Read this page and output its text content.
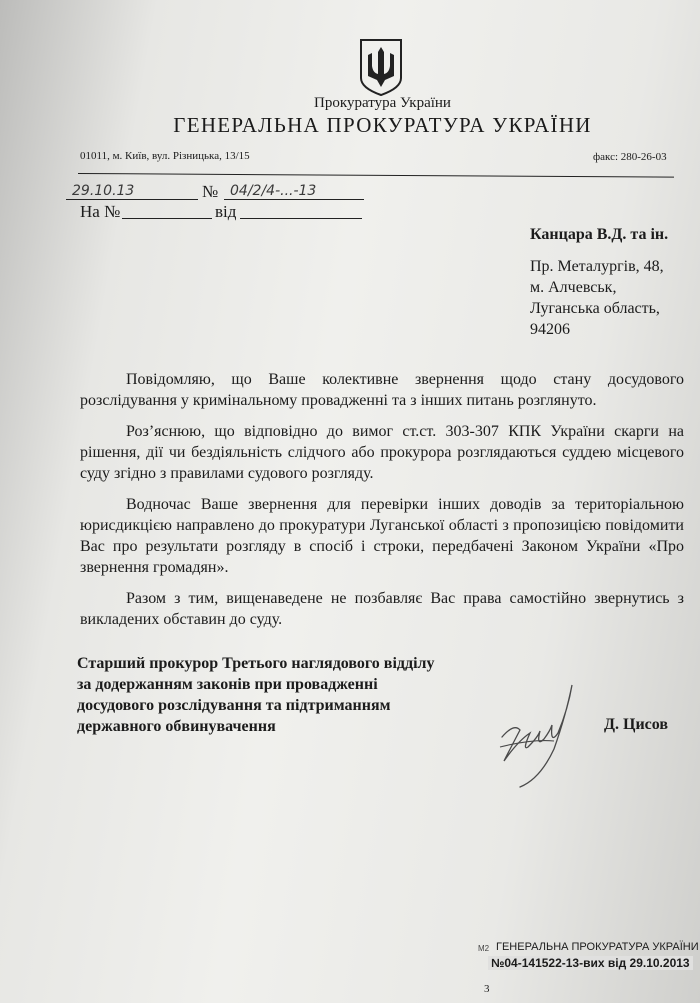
Прокуратура України
ГЕНЕРАЛЬНА ПРОКУРАТУРА УКРАЇНИ
01011, м. Київ, вул. Різницька, 13/15	факс: 280-26-03
29.10.13	№ 04/2/4-...-13
На №	від
Канцара В.Д. та ін.
Пр. Металургів, 48,
м. Алчевськ,
Луганська область,
94206

Повідомляю, що Ваше колективне звернення щодо стану досудового розслідування у кримінальному провадженні та з інших питань розглянуто.

Роз’яснюю, що відповідно до вимог ст.ст. 303-307 КПК України скарги на рішення, дії чи бездіяльність слідчого або прокурора розглядаються суддею місцевого суду згідно з правилами судового розгляду.

Водночас Ваше звернення для перевірки інших доводів за територіальною юрисдикцією направлено до прокуратури Луганської області з пропозицією повідомити Вас про результати розгляду в спосіб і строки, передбачені Законом України «Про звернення громадян».

Разом з тим, вищенаведене не позбавляє Вас права самостійно звернутись з викладених обставин до суду.

Старший прокурор Третього наглядового відділу
за додержанням законів при провадженні
досудового розслідування та підтриманням
державного обвинувачення	Д. Цисов
M2 ГЕНЕРАЛЬНА ПРОКУРАТУРА УКРАЇНИ
№04-141522-13-вих від 29.10.2013
3
